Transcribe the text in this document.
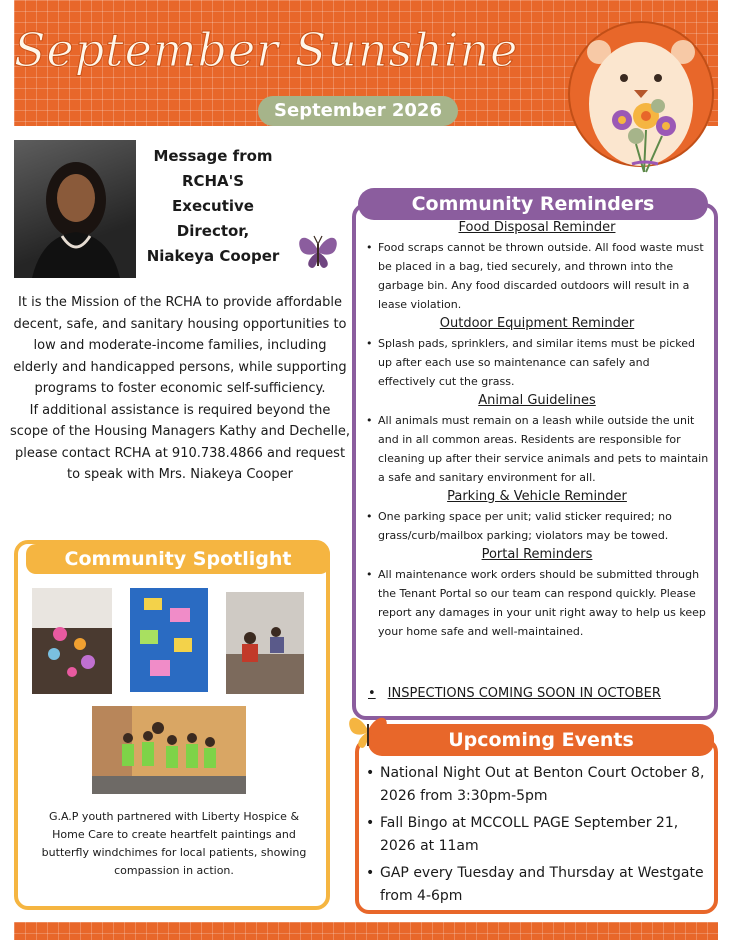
September Sunshine
September 2026
Message from
RCHA'S
Executive
Director,
Niakeya Cooper

It is the Mission of the RCHA to provide affordable decent, safe, and sanitary housing opportunities to low and moderate-income families, including elderly and handicapped persons, while supporting programs to foster economic self-sufficiency.

If additional assistance is required beyond the scope of the Housing Managers Kathy and Dechelle, please contact RCHA at 910.738.4866 and request to speak with Mrs. Niakeya Cooper

Community Spotlight
G.A.P youth partnered with Liberty Hospice & Home Care to create heartfelt paintings and butterfly windchimes for local patients, showing compassion in action.
Community Reminders

Food Disposal Reminder

• Food scraps cannot be thrown outside. All food waste must be placed in a bag, tied securely, and thrown into the garbage bin. Any food discarded outdoors will result in a lease violation.

Outdoor Equipment Reminder

• Splash pads, sprinklers, and similar items must be picked up after each use so maintenance can safely and effectively cut the grass.

Animal Guidelines

• All animals must remain on a leash while outside the unit and in all common areas. Residents are responsible for cleaning up after their service animals and pets to maintain a safe and sanitary environment for all.

Parking & Vehicle Reminder

• One parking space per unit; valid sticker required; no grass/curb/mailbox parking; violators may be towed.

Portal Reminders

• All maintenance work orders should be submitted through the Tenant Portal so our team can respond quickly. Please report any damages in your unit right away to help us keep your home safe and well-maintained.

• INSPECTIONS COMING SOON IN OCTOBER
Upcoming Events

• National Night Out at Benton Court October 8, 2026 from 3:30pm-5pm

• Fall Bingo at MCCOLL PAGE September 21, 2026 at 11am

• GAP every Tuesday and Thursday at Westgate from 4-6pm
